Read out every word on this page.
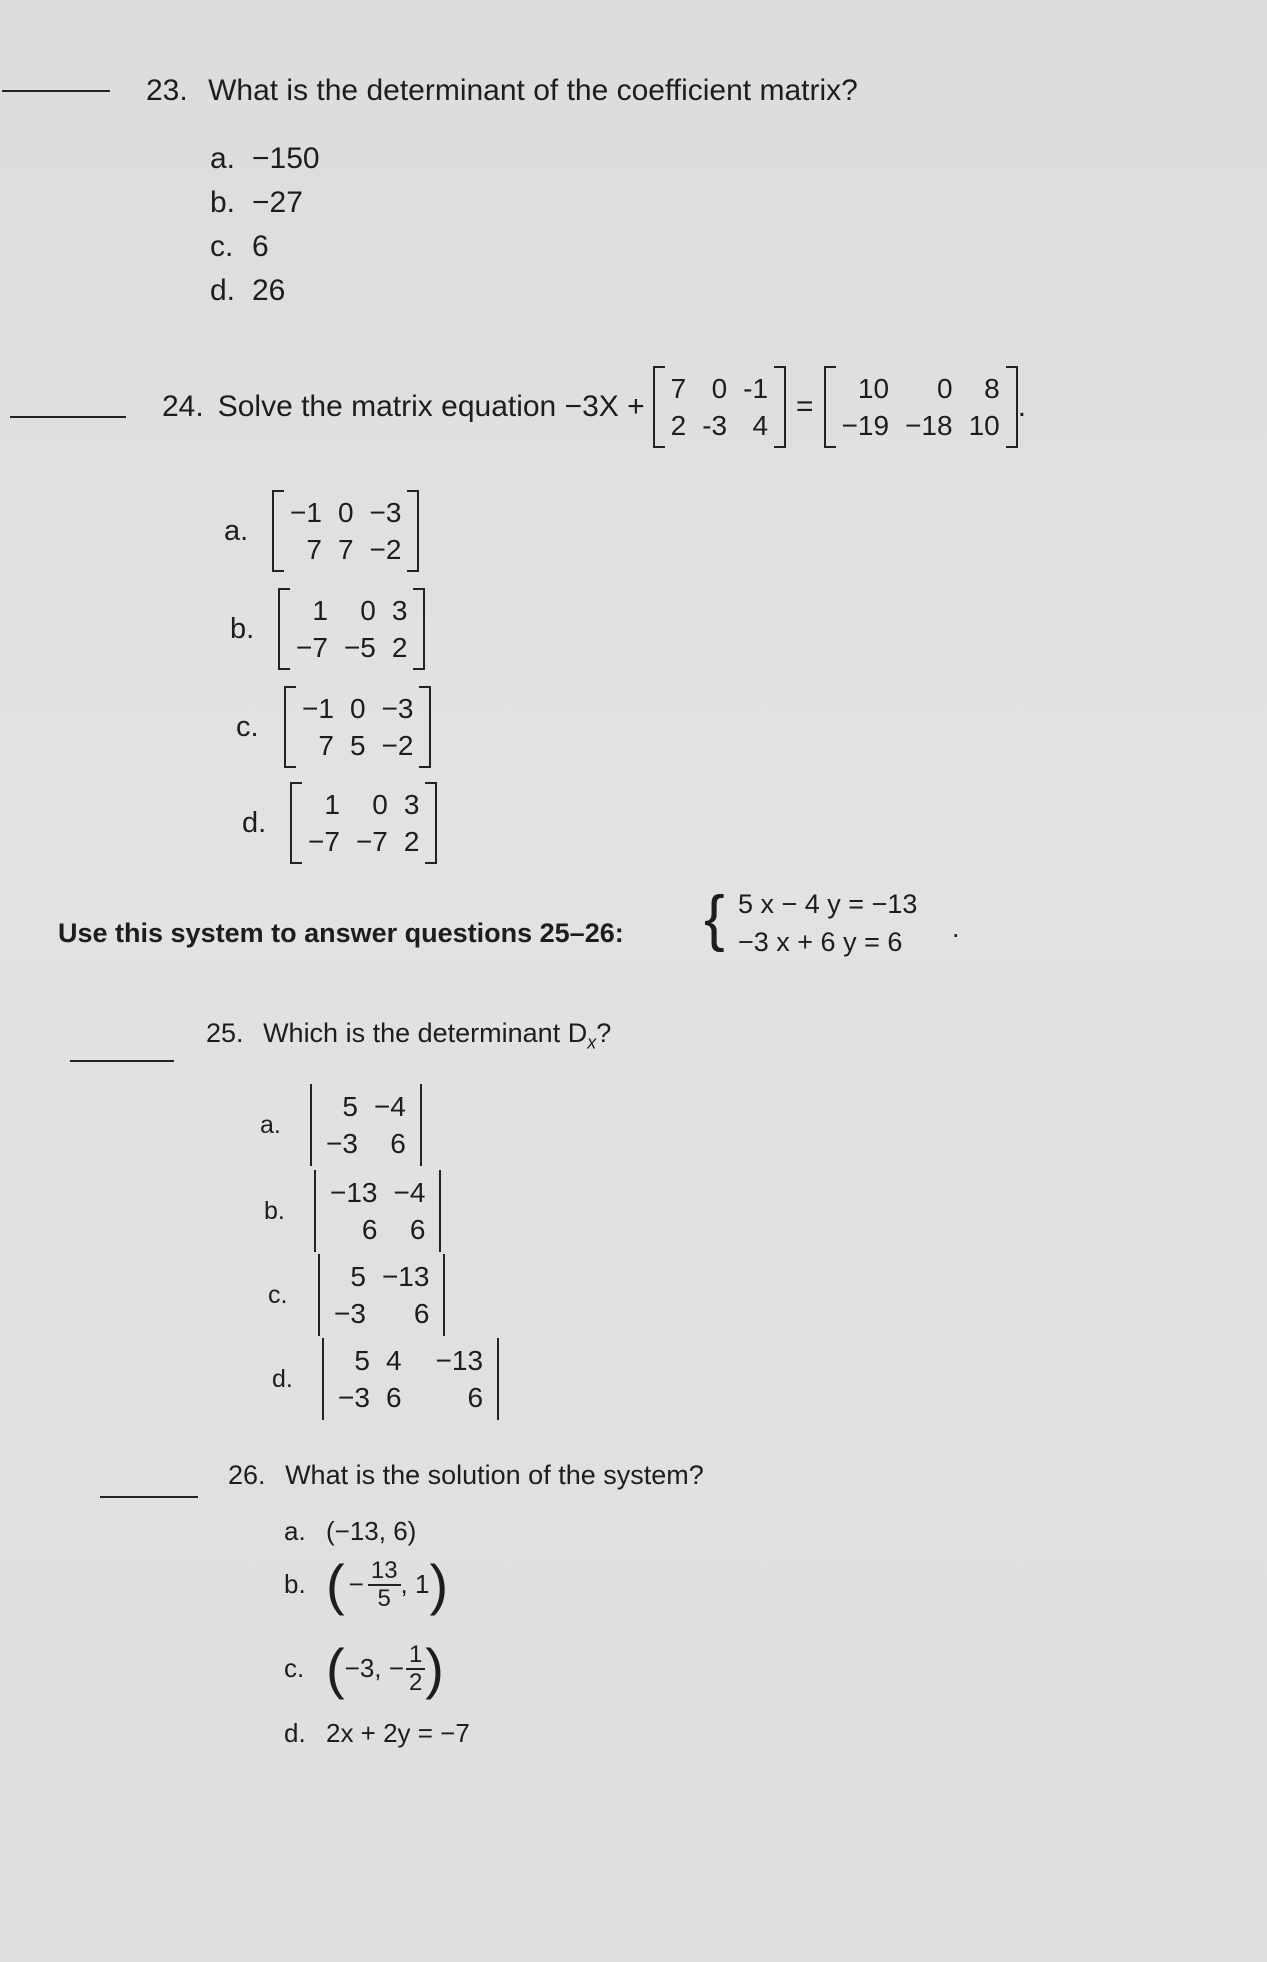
23. What is the determinant of the coefficient matrix?
a. −150
b. −27
c. 6
d. 26
24. Solve the matrix equation −3X +
7 0 -1
2 -3 4
=
10	0	8
−19 −18 10
.
a.
−1 0 −3
7 7 −2
b.
1	0 3
−7 −5 2
c.
−1 0 −3
7 5 −2
d.
1	0 3
−7 −7 2
Use this system to answer questions 25–26: { 5 x − 4 y = −13
−3 x + 6 y = 6 .
25. Which is the determinant $D_x$?
a.
5 −4
−3	6
b.
−13 −4
6	6
c.
5 −13
−3	6
d.
5 4	−13
−3 6	6
26. What is the solution of the system?
a. (−13, 6)
b. ( − $\frac{13}{5}$ , 1 )
c. ( −3, − $\frac{1}{2}$ )
d. 2x + 2y = −7
